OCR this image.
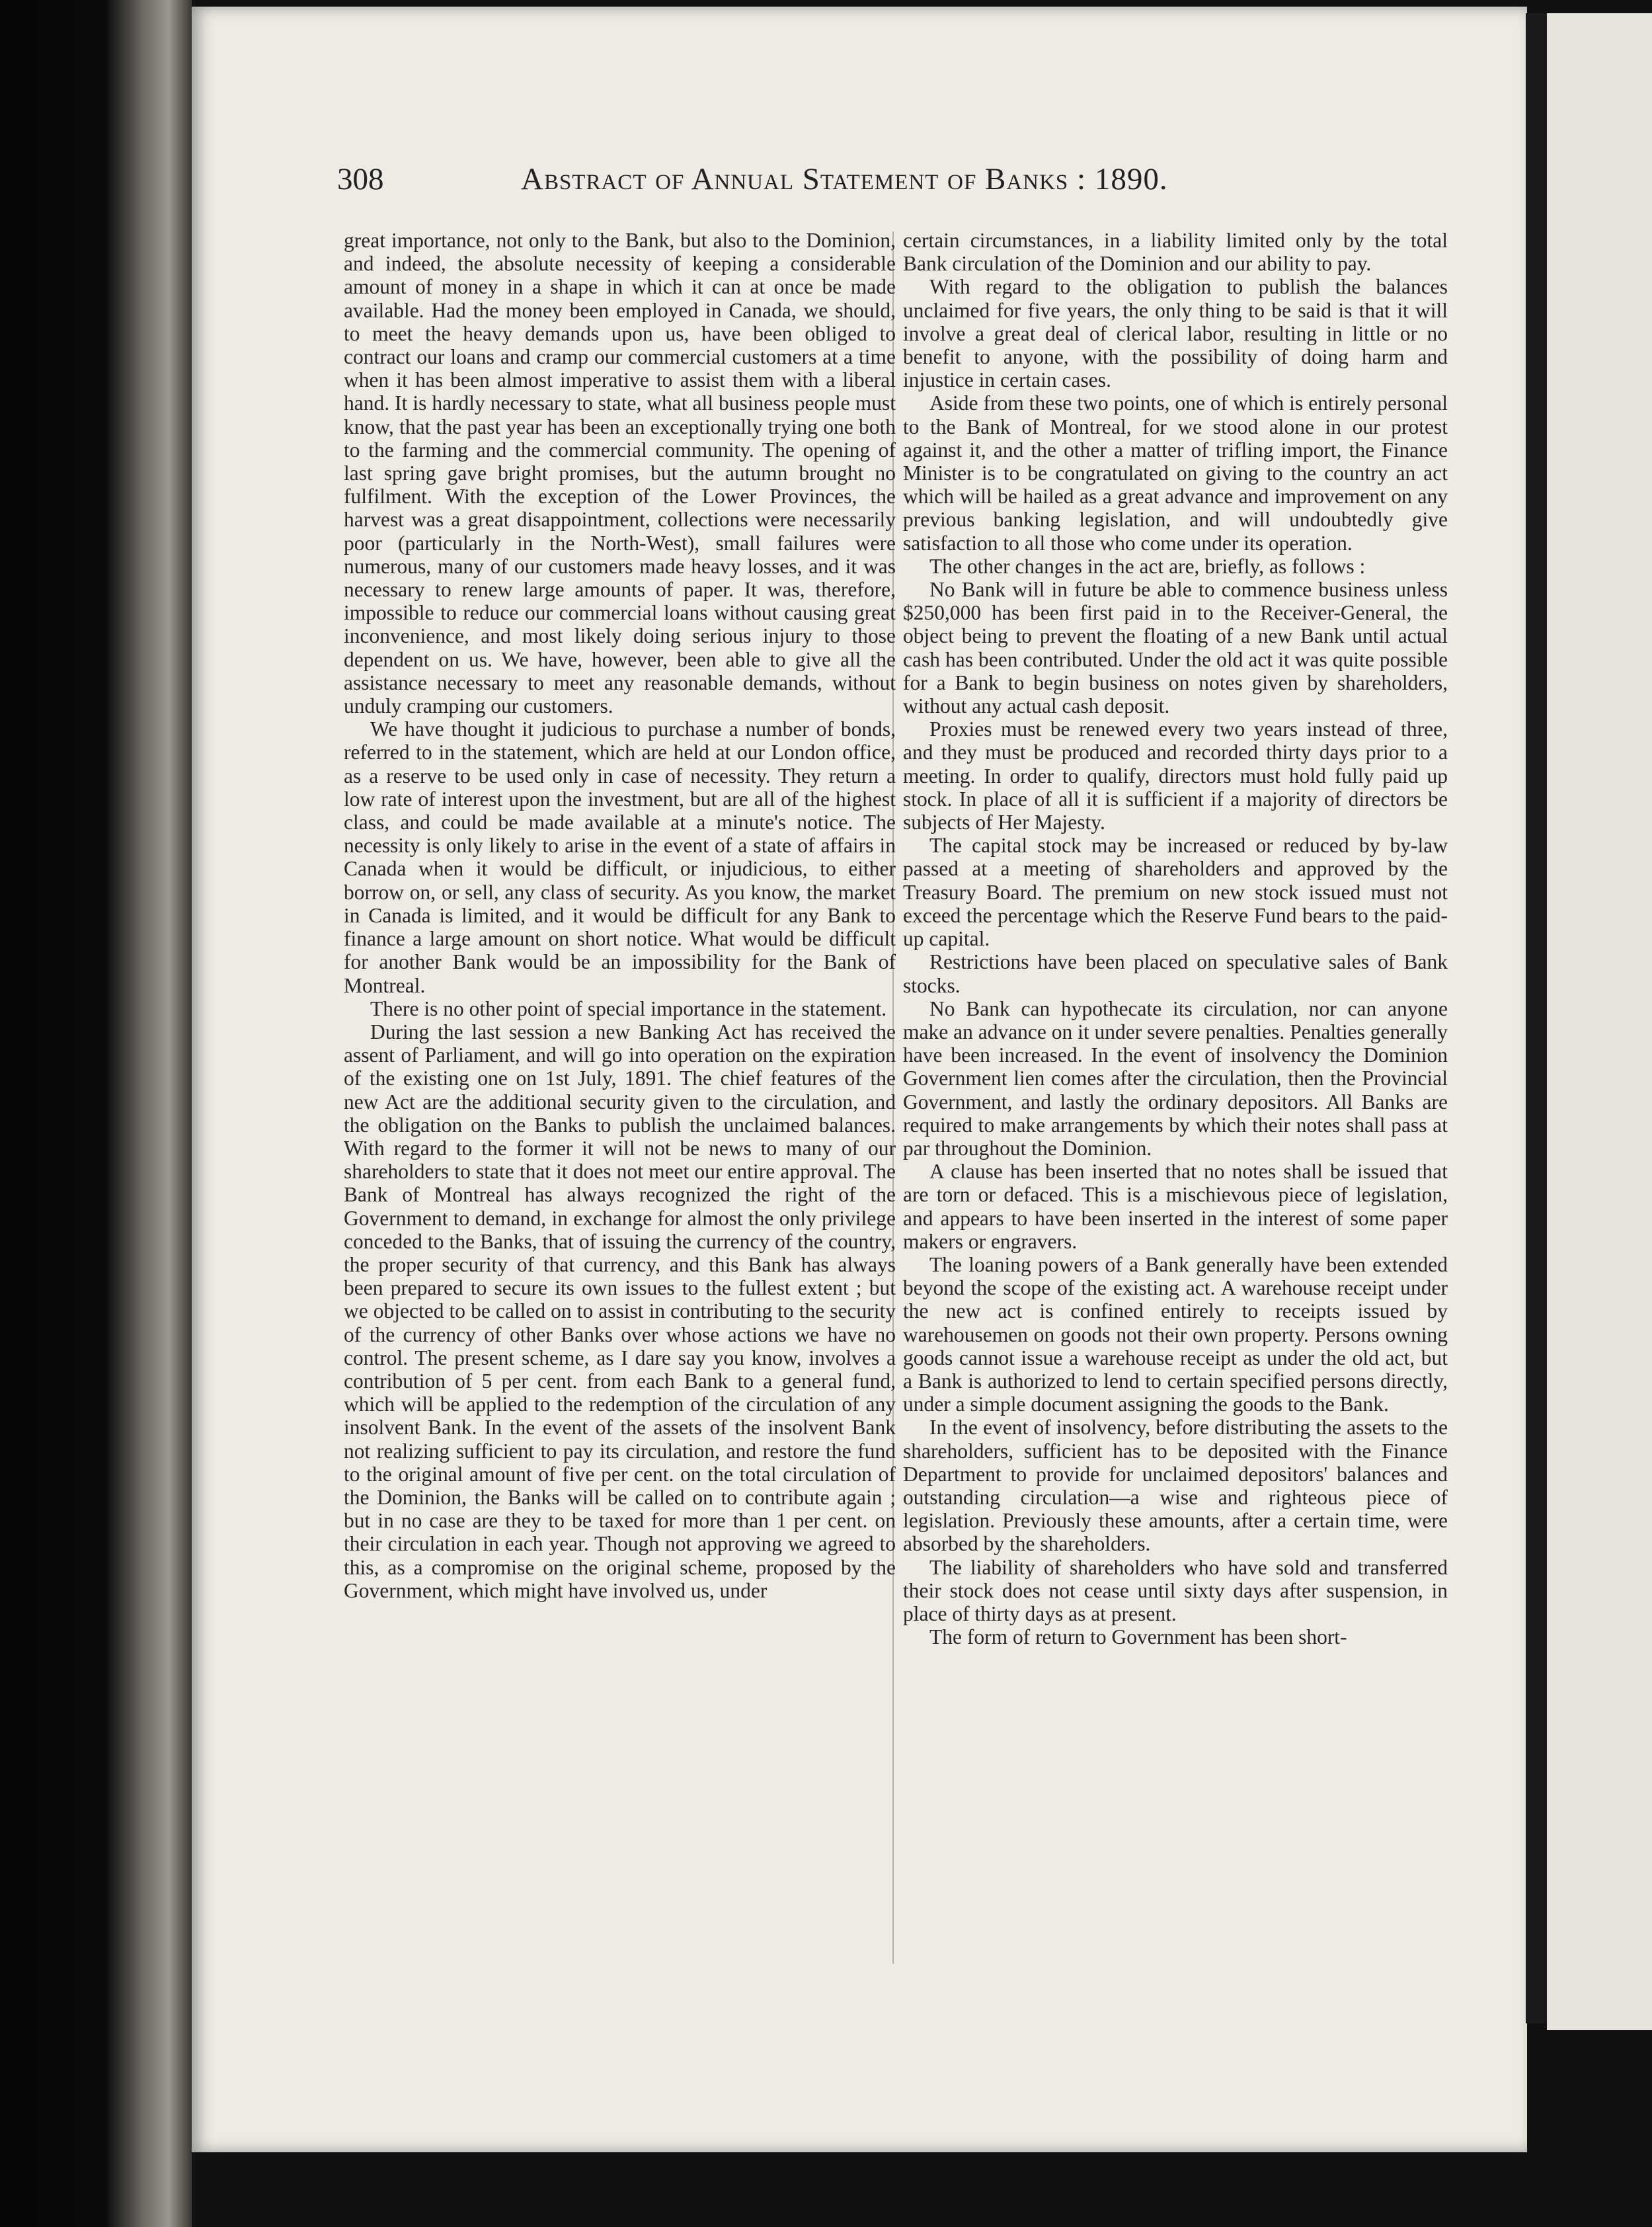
308	Abstract of Annual Statement of Banks : 1890.

great importance, not only to the Bank, but also to the Dominion, and indeed, the absolute necessity of keeping a considerable amount of money in a shape in which it can at once be made available. Had the money been employed in Canada, we should, to meet the heavy demands upon us, have been obliged to contract our loans and cramp our commercial customers at a time when it has been almost imperative to assist them with a liberal hand. It is hardly necessary to state, what all business people must know, that the past year has been an exceptionally trying one both to the farming and the commercial community. The opening of last spring gave bright promises, but the autumn brought no fulfilment. With the exception of the Lower Provinces, the harvest was a great disappointment, collections were necessarily poor (particularly in the North-West), small failures were numerous, many of our customers made heavy losses, and it was necessary to renew large amounts of paper. It was, therefore, impossible to reduce our commercial loans without causing great inconvenience, and most likely doing serious injury to those dependent on us. We have, however, been able to give all the assistance necessary to meet any reasonable demands, without unduly cramping our customers.

We have thought it judicious to purchase a number of bonds, referred to in the statement, which are held at our London office, as a reserve to be used only in case of necessity. They return a low rate of interest upon the investment, but are all of the highest class, and could be made available at a minute's notice. The necessity is only likely to arise in the event of a state of affairs in Canada when it would be difficult, or injudicious, to either borrow on, or sell, any class of security. As you know, the market in Canada is limited, and it would be difficult for any Bank to finance a large amount on short notice. What would be difficult for another Bank would be an impossibility for the Bank of Montreal.

There is no other point of special importance in the statement.

During the last session a new Banking Act has received the assent of Parliament, and will go into operation on the expiration of the existing one on 1st July, 1891. The chief features of the new Act are the additional security given to the circulation, and the obligation on the Banks to publish the unclaimed balances. With regard to the former it will not be news to many of our shareholders to state that it does not meet our entire approval. The Bank of Montreal has always recognized the right of the Government to demand, in exchange for almost the only privilege conceded to the Banks, that of issuing the currency of the country, the proper security of that currency, and this Bank has always been prepared to secure its own issues to the fullest extent ; but we objected to be called on to assist in contributing to the security of the currency of other Banks over whose actions we have no control. The present scheme, as I dare say you know, involves a contribution of 5 per cent. from each Bank to a general fund, which will be applied to the redemption of the circulation of any insolvent Bank. In the event of the assets of the insolvent Bank not realizing sufficient to pay its circulation, and restore the fund to the original amount of five per cent. on the total circulation of the Dominion, the Banks will be called on to contribute again ; but in no case are they to be taxed for more than 1 per cent. on their circulation in each year. Though not approving we agreed to this, as a compromise on the original scheme, proposed by the Government, which might have involved us, under

certain circumstances, in a liability limited only by the total Bank circulation of the Dominion and our ability to pay.

With regard to the obligation to publish the balances unclaimed for five years, the only thing to be said is that it will involve a great deal of clerical labor, resulting in little or no benefit to anyone, with the possibility of doing harm and injustice in certain cases.

Aside from these two points, one of which is entirely personal to the Bank of Montreal, for we stood alone in our protest against it, and the other a matter of trifling import, the Finance Minister is to be congratulated on giving to the country an act which will be hailed as a great advance and improvement on any previous banking legislation, and will undoubtedly give satisfaction to all those who come under its operation.

The other changes in the act are, briefly, as follows :

No Bank will in future be able to commence business unless $250,000 has been first paid in to the Receiver-General, the object being to prevent the floating of a new Bank until actual cash has been contributed. Under the old act it was quite possible for a Bank to begin business on notes given by shareholders, without any actual cash deposit.

Proxies must be renewed every two years instead of three, and they must be produced and recorded thirty days prior to a meeting. In order to qualify, directors must hold fully paid up stock. In place of all it is sufficient if a majority of directors be subjects of Her Majesty.

The capital stock may be increased or reduced by by-law passed at a meeting of shareholders and approved by the Treasury Board. The premium on new stock issued must not exceed the percentage which the Reserve Fund bears to the paid-up capital.

Restrictions have been placed on speculative sales of Bank stocks.

No Bank can hypothecate its circulation, nor can anyone make an advance on it under severe penalties. Penalties generally have been increased. In the event of insolvency the Dominion Government lien comes after the circulation, then the Provincial Government, and lastly the ordinary depositors. All Banks are required to make arrangements by which their notes shall pass at par throughout the Dominion.

A clause has been inserted that no notes shall be issued that are torn or defaced. This is a mischievous piece of legislation, and appears to have been inserted in the interest of some paper makers or engravers.

The loaning powers of a Bank generally have been extended beyond the scope of the existing act. A warehouse receipt under the new act is confined entirely to receipts issued by warehousemen on goods not their own property. Persons owning goods cannot issue a warehouse receipt as under the old act, but a Bank is authorized to lend to certain specified persons directly, under a simple document assigning the goods to the Bank.

In the event of insolvency, before distributing the assets to the shareholders, sufficient has to be deposited with the Finance Department to provide for unclaimed depositors' balances and outstanding circulation—a wise and righteous piece of legislation. Previously these amounts, after a certain time, were absorbed by the shareholders.

The liability of shareholders who have sold and transferred their stock does not cease until sixty days after suspension, in place of thirty days as at present.

The form of return to Government has been short-
